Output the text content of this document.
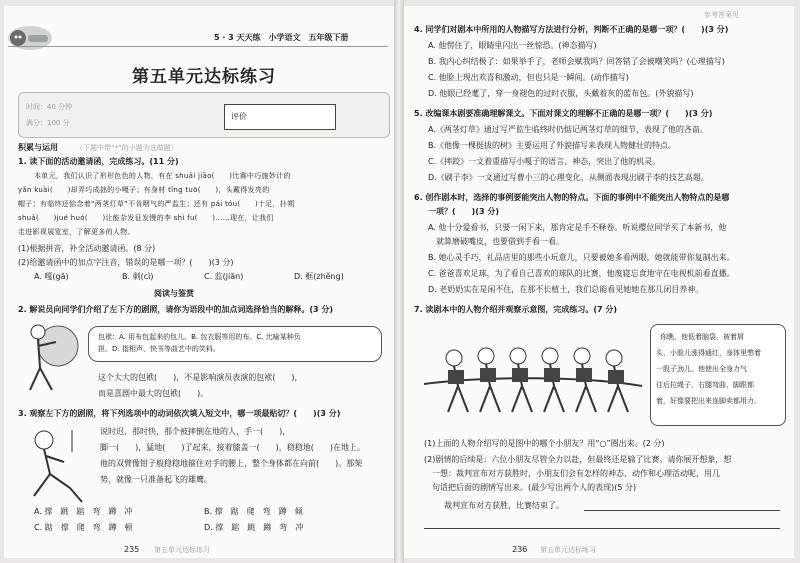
5 · 3 天天练　小学语文　五年级下册
第五单元达标练习
时间：40 分钟
满分：100 分
评价
积累与运用	（下题中带“*”的小题为选做题）
1. 读下面的活动邀请函，完成练习。(11 分)
本单元，我们认识了形形色色的人物，有在 shuāi jiāo(　　)比赛中巧施妙计的
yǎn kuài(　　)却弄巧成拙的小嘎子；有身材 tǐng tuō(　　)，头戴得发亮的
帽子；有临终还惦念着“两茎灯草”不肯咽气的严监生；还有 pái tóu(　　)十足，扑朔
shuǎ(　　)jué huó(　　)让能杂发征发慢的李 shì fu(　　)……现在，让我们
走进影视展览室，了解更多的人物。
(1)根据拼音，补全活动邀请函。(8 分)
(2)给邀请函中的加点字注音，错误的是哪一项？(　　)(3 分)
A. 嘎(gā)	B. 刺(cì)	C. 监(jiān)	D. 框(zhěng)
阅读与鉴赏
2. 解说员向同学们介绍了左下方的剧照，请你为语段中的加点词选择恰当的解释。(3 分)
包袱：A. 用布包起来的包儿。B. 包衣服等用的布。C. 比喻某种负
担。D. 指相声、快书等曲艺中的笑料。
这个大大的包袱(　　)，不是影响演员表演的包袱(　　)，
而是喜剧中最大的包袱(　　)。
3. 观察左下方的剧照，将下列选项中的动词依次填入短文中，哪一项最贴切？(　　)(3 分)
说时迟，那时快，那个被摔倒在地的人，手一(　　)，
脚一(　　)，猛地(　　)了起来，接着膝盖一(　　)，稳稳地(　　)在地上。
他的双臂像钳子般稳稳地箍住对手的腰上，整个身体都在向前(　　)。那架
势，就像一只准备起飞的雄鹰。
A. 撑　跳　踮　弯　蹲　冲	B. 撑　踮　爬　弯　蹲　倾
C. 踮　撑　爬　弯　蹲　顿	D. 撑　踮　跳　蹲　弯　冲
235 第五单元达标练习
参考答案见
4. 同学们对剧本中所用的人物描写方法进行分析，判断不正确的是哪一项？(　　)(3 分)
A. 他愣住了，眼睛里闪出一丝惊恐。(神态描写)
B. 我内心纠结极了：如果举手了，老师会赋我吗？回答错了会被嘲笑吗？(心理描写)
C. 他脸上现出欢喜和激动，但也只是一瞬间。(动作描写)
D. 他眼已经耄了，穿一身褪色的过时衣服，头戴着灰的蓝布包。(外貌描写)
5. 改编课本剧要准确理解课文。下面对课文的理解不正确的是哪一项？(　　)(3 分)
A.《两茎灯草》通过写严监生临终时仍惦记两茎灯草的细节，表现了他的吝啬。
B.《他像一棵挺拔的树》主要运用了外貌描写来表现人物健壮的特点。
C.《摔跤》一文着重描写小嘎子的语言、神态，突出了他的机灵。
D.《刷子李》一文通过写曹小三的心理变化，从侧面表现出刷子李的技艺高超。
6. 创作剧本时，选择的事例要能突出人物的特点。下面的事例中不能突出人物特点的是哪
一项？(　　)(3 分)
A. 他十分爱看书，只要一闲下来，那肯定是手不释卷。听说樱位同学买了本新书，他
　就算磨破嘴皮，也要借到手看一看。
B. 她心灵手巧，礼品店里的那些小玩意儿，只要被她多看两眼，她就能带你复制出来。
C. 爸爸喜欢足球，为了看自己喜欢的球队的比赛，他废寝忘食地守在电视机前看直播。
D. 老奶奶实在是闲不住，在那不长植土，我们总能看见她她在那几闭目养神。
7. 读剧本中的人物介绍并观察示意图，完成练习。(7 分)
你瞧，他低着脑袋，被着屑
头，小脸儿涨得通红，身体里憋着
一股子劲儿。他使出全身力气
往后拉绳子，右腿弯曲，脚跟都
着，好像要把出来连脚卖都用力。
(1)上面的人物介绍写的是图中的哪个小朋友？用“○”圈出来。(2 分)
(2)剧情的后续是：六位小朋友尽管全力以赴，但最终还是输了比赛。请你展开想象，想
一想：裁判宣布对方获胜时，小朋友们会有怎样的神态、动作和心理活动呢，用几
句话把后面的剧情写出来。(最少写出两个人的表现)(5 分)
裁判宣布对方获胜，比赛结束了。
236 第五单元达标练习
